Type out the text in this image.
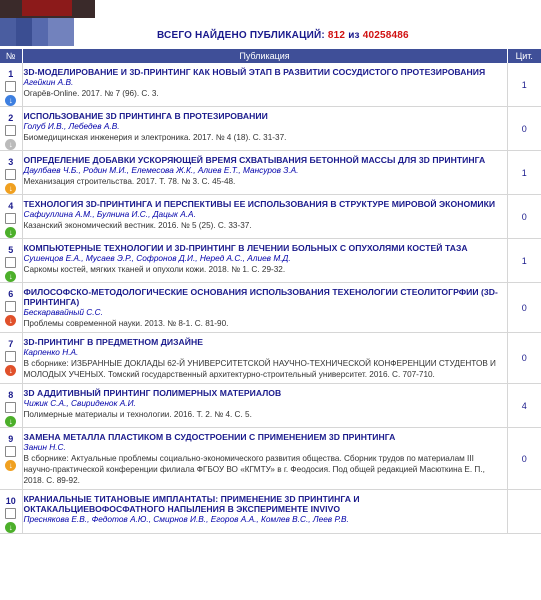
ВСЕГО НАЙДЕНО ПУБЛИКАЦИЙ: 812 из 40258486
№	Публикация	Цит.

1
↓	3D-МОДЕЛИРОВАНИЕ И 3D-ПРИНТИНГ КАК НОВЫЙ ЭТАП В РАЗВИТИИ СОСУДИСТОГО ПРОТЕЗИРОВАНИЯ
Агейкин А.В.
Огарёв-Online. 2017. № 7 (96). С. 3.	1

2
↓	ИСПОЛЬЗОВАНИЕ 3D ПРИНТИНГА В ПРОТЕЗИРОВАНИИ
Голуб И.В., Лебедев А.В.
Биомедицинская инженерия и электроника. 2017. № 4 (18). С. 31-37.	0

3
↓	ОПРЕДЕЛЕНИЕ ДОБАВКИ УСКОРЯЮЩЕЙ ВРЕМЯ СХВАТЫВАНИЯ БЕТОННОЙ МАССЫ ДЛЯ 3D ПРИНТИНГА
Даулбаев Ч.Б., Родин М.И., Елемесова Ж.К., Алиев Е.Т., Мансуров З.А.
Механизация строительства. 2017. Т. 78. № 3. С. 45-48.	1

4
↓	ТЕХНОЛОГИЯ 3D-ПРИНТИНГА И ПЕРСПЕКТИВЫ ЕЕ ИСПОЛЬЗОВАНИЯ В СТРУКТУРЕ МИРОВОЙ ЭКОНОМИКИ
Сафиуллина А.М., Булнина И.С., Дацык А.А.
Казанский экономический вестник. 2016. № 5 (25). С. 33-37.	0

5
↓	КОМПЬЮТЕРНЫЕ ТЕХНОЛОГИИ И 3D-ПРИНТИНГ В ЛЕЧЕНИИ БОЛЬНЫХ С ОПУХОЛЯМИ КОСТЕЙ ТАЗА
Сушенцов Е.А., Мусаев Э.Р., Софронов Д.И., Неред А.С., Алиев М.Д.
Саркомы костей, мягких тканей и опухоли кожи. 2018. № 1. С. 29-32.	1

6
↓	ФИЛОСОФСКО-МЕТОДОЛОГИЧЕСКИЕ ОСНОВАНИЯ ИСПОЛЬЗОВАНИЯ ТЕХЕНОЛОГИИ СТЕОЛИТОГРФИИ (3D-ПРИНТИНГА)
Бескаравайный С.С.
Проблемы современной науки. 2013. № 8-1. С. 81-90.	0

7
↓	3D-ПРИНТИНГ В ПРЕДМЕТНОМ ДИЗАЙНЕ
Карпенко Н.А.
В сборнике: ИЗБРАННЫЕ ДОКЛАДЫ 62-Й УНИВЕРСИТЕТСКОЙ НАУЧНО-ТЕХНИЧЕСКОЙ КОНФЕРЕНЦИИ СТУДЕНТОВ И МОЛОДЫХ УЧЕНЫХ. Томский государственный архитектурно-строительный университет. 2016. С. 707-710.	0

8
↓	3D АДДИТИВНЫЙ ПРИНТИНГ ПОЛИМЕРНЫХ МАТЕРИАЛОВ
Чижик С.А., Свириденок А.И.
Полимерные материалы и технологии. 2016. Т. 2. № 4. С. 5.	4

9
↓	ЗАМЕНА МЕТАЛЛА ПЛАСТИКОМ В СУДОСТРОЕНИИ С ПРИМЕНЕНИЕМ 3D ПРИНТИНГА
Занин Н.С.
В сборнике: Актуальные проблемы социально-экономического развития общества. Сборник трудов по материалам III научно-практической конференции филиала ФГБОУ ВО «КГМТУ» в г. Феодосия. Под общей редакцией Масюткина Е. П., 2018. С. 89-92.	0

10
↓	КРАНИАЛЬНЫЕ ТИТАНОВЫЕ ИМПЛАНТАТЫ: ПРИМЕНЕНИЕ 3D ПРИНТИНГА И ОКТАКАЛЬЦИЕВОФОСФАТНОГО НАПЫЛЕНИЯ В ЭКСПЕРИМЕНТЕ INVIVO
Преснякова Е.В., Федотов А.Ю., Смирнов И.В., Егоров А.А., Комлев В.С., Леев Р.В.	
